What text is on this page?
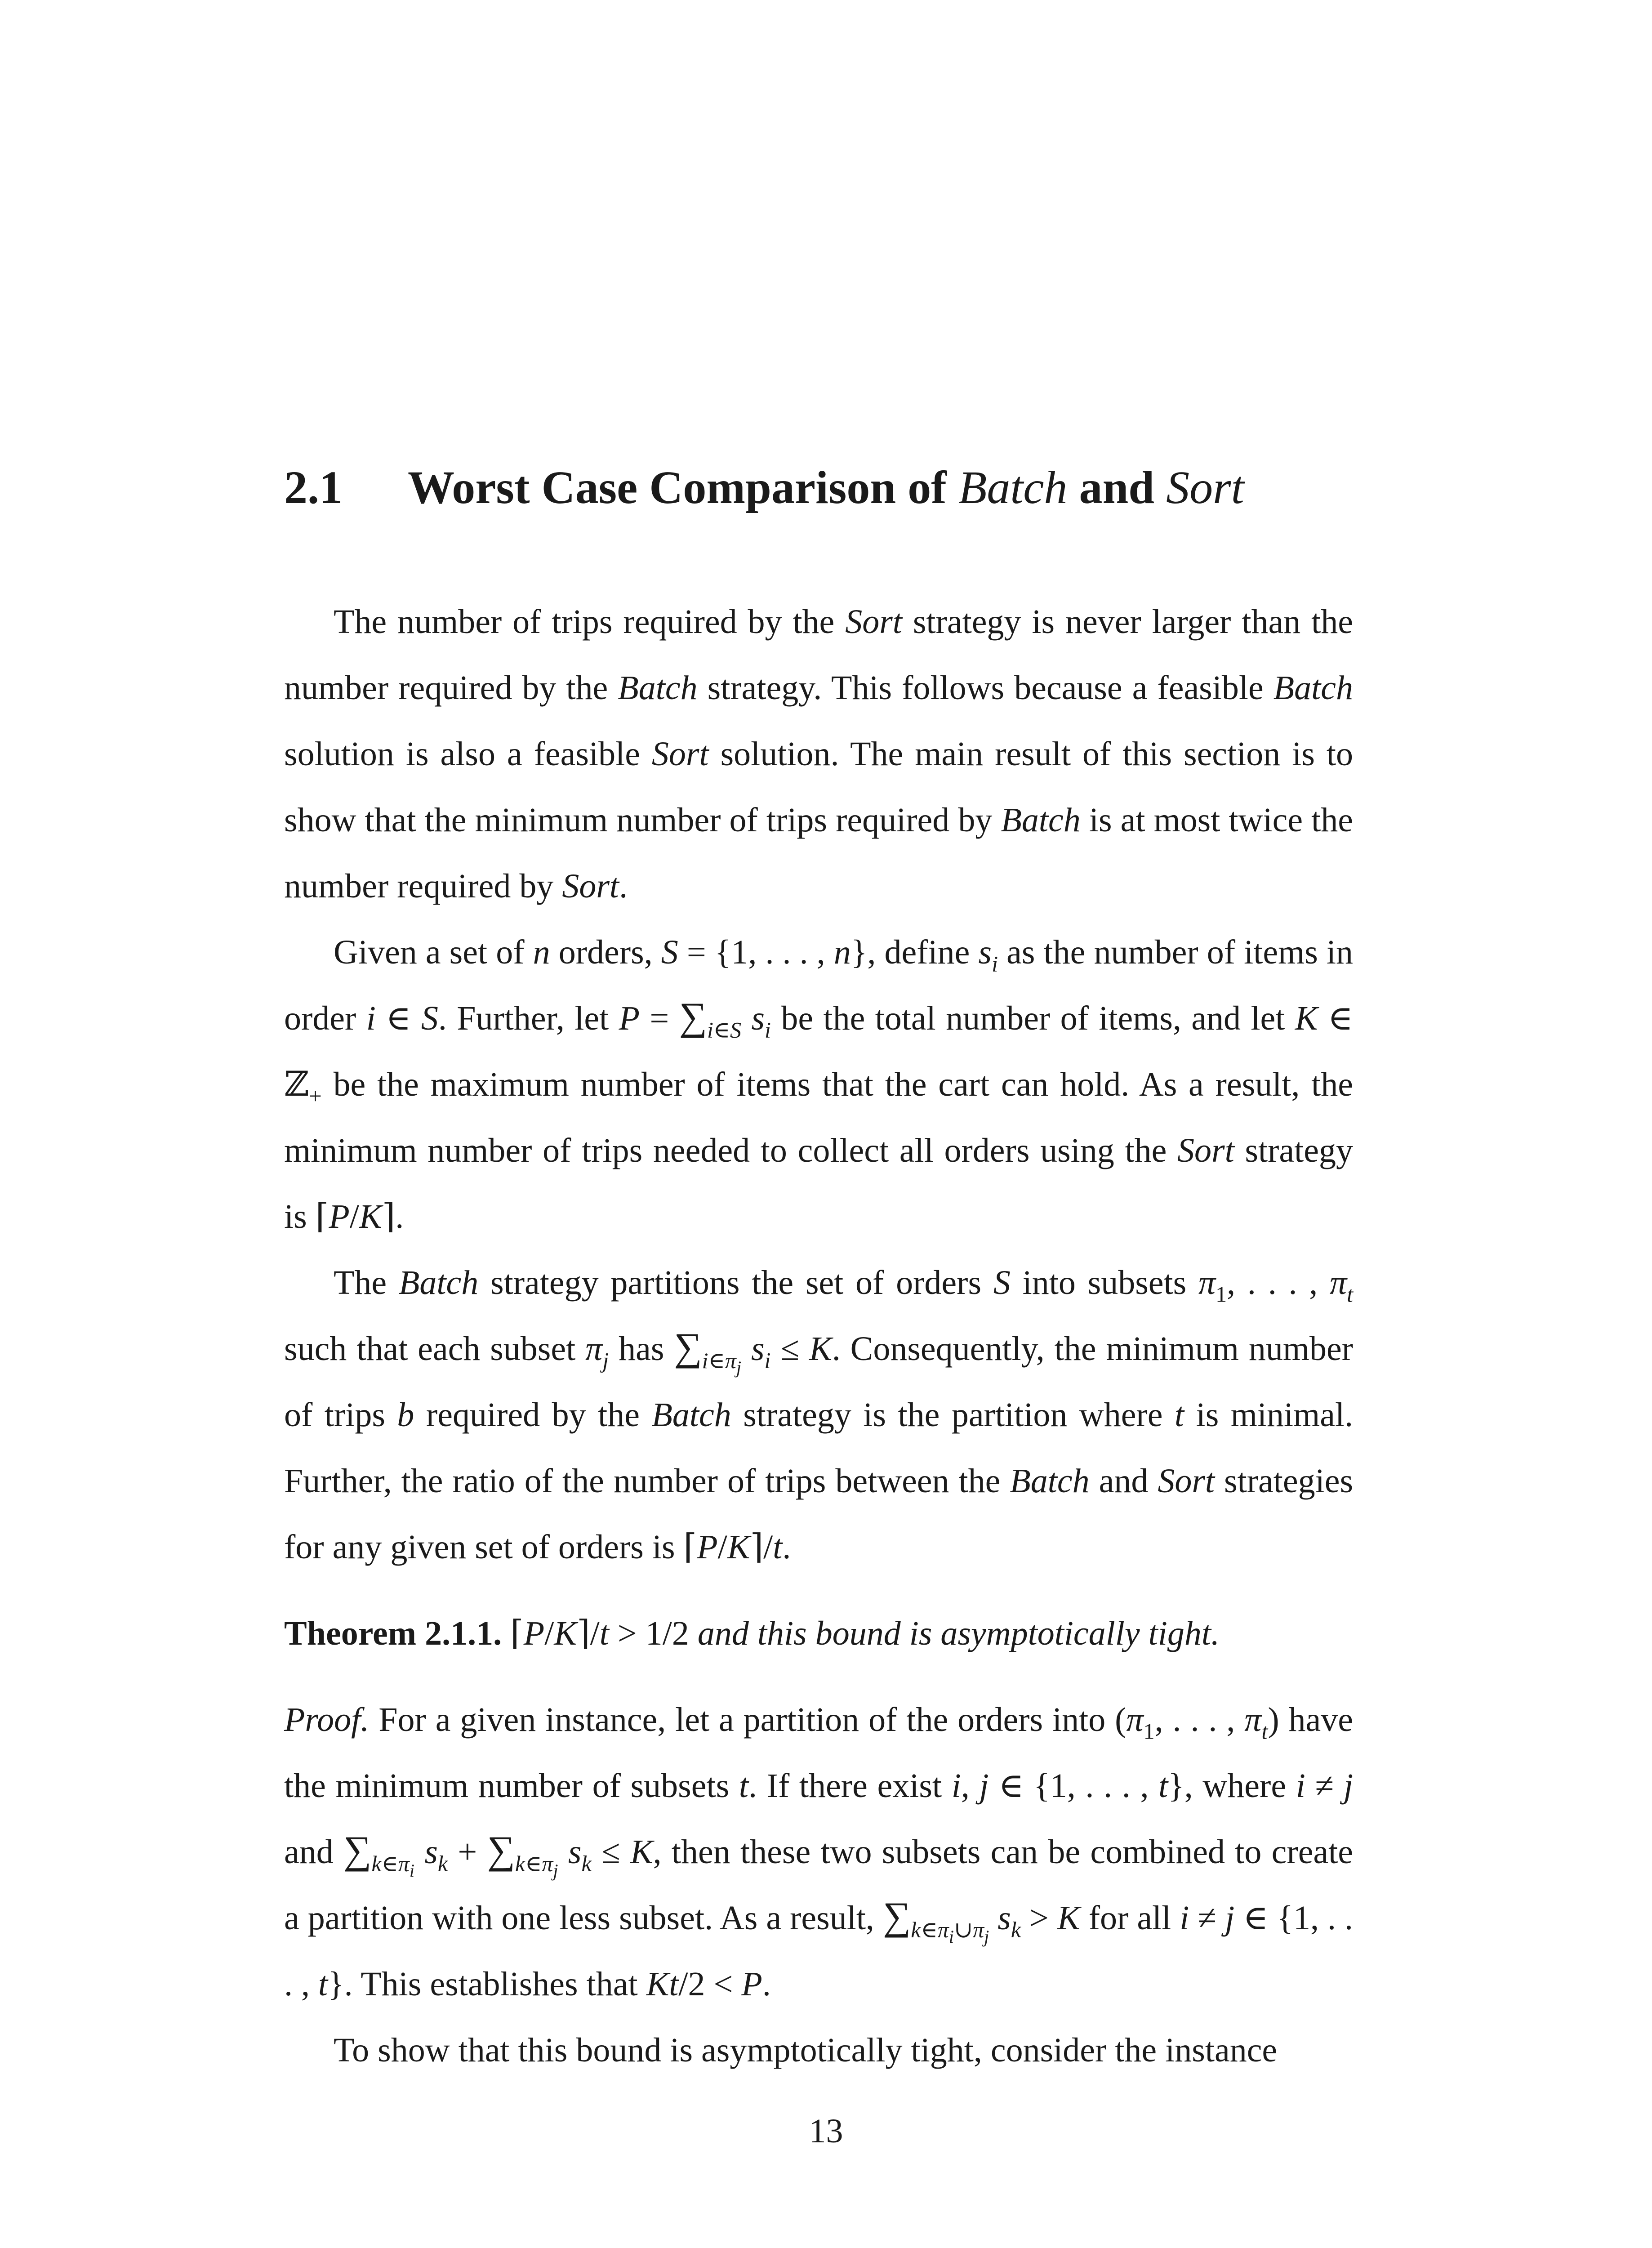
2.1 Worst Case Comparison of Batch and Sort

The number of trips required by the Sort strategy is never larger than the number required by the Batch strategy. This follows because a feasible Batch solution is also a feasible Sort solution. The main result of this section is to show that the minimum number of trips required by Batch is at most twice the number required by Sort.

Given a set of n orders, S = {1, . . . , n}, define $s_i$ as the number of items in order i ∈ S. Further, let $P = \sum_{i\in S}$ $s_i$ be the total number of items, and let K ∈ ℤ$_+$ be the maximum number of items that the cart can hold. As a result, the minimum number of trips needed to collect all orders using the Sort strategy is ⌈P/K⌉.

The Batch strategy partitions the set of orders S into subsets $\pi_1$, . . . , $\pi_t$ such that each subset $\pi_j$ has $\sum_{i\in\pi_j}$ $s_i \le K$. Consequently, the minimum number of trips b required by the Batch strategy is the partition where t is minimal. Further, the ratio of the number of trips between the Batch and Sort strategies for any given set of orders is ⌈P/K⌉/t.

Theorem 2.1.1. ⌈P/K⌉/t > 1/2 and this bound is asymptotically tight.

Proof. For a given instance, let a partition of the orders into ($\pi_1$, . . . , $\pi_t$) have the minimum number of subsets t. If there exist i, j ∈ {1, . . . , t}, where i ≠ j and $\sum_{k\in\pi_i}$ $s_k + \sum_{k\in\pi_j}$ $s_k \le K$, then these two subsets can be combined to create a partition with one less subset. As a result, $\sum_{k\in\pi_i\cup\pi_j}$ $s_k > K$ for all i ≠ j ∈ {1, . . . , t}. This establishes that Kt/2 < P.

To show that this bound is asymptotically tight, consider the instance

13
